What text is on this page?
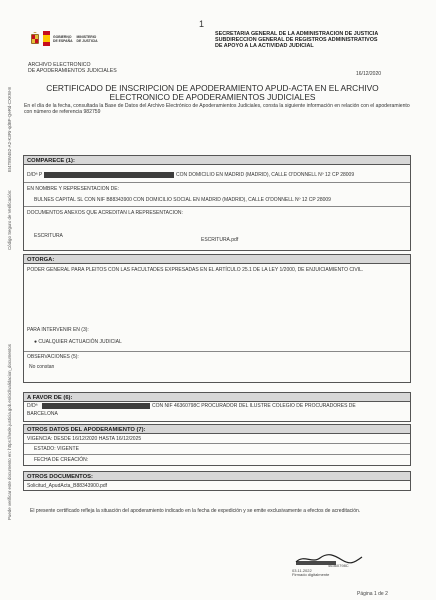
1
GOBIERNO
DE ESPAÑA
MINISTERIO
DE JUSTICIA
SECRETARIA GENERAL DE LA ADMINISTRACION DE JUSTICIA
SUBDIRECCION GENERAL DE REGISTROS ADMINISTRATIVOS
DE APOYO A LA ACTIVIDAD JUDICIAL
ARCHIVO ELECTRONICO
DE APODERAMIENTOS JUDICIALES	16/12/2020
CERTIFICADO DE INSCRIPCION DE APODERAMIENTO APUD-ACTA EN EL ARCHIVO
ELECTRONICO DE APODERAMIENTOS JUDICIALES
En el día de la fecha, consultada la Base de Datos del Archivo Electrónico de Apoderamientos Judiciales, consta la siguiente información en relación con el apoderamiento con número de referencia 982759
COMPARECE (1):
D/Dª P	CON DOMICILIO EN MADRID (MADRID), CALLE O'DONNELL Nº 12 CP 28009
EN NOMBRE Y REPRESENTACION DE:
BULNES CAPITAL SL CON NIF B88343900 CON DOMICILIO SOCIAL EN MADRID (MADRID), CALLE O'DONNELL Nº 12 CP 28009
DOCUMENTOS ANEXOS QUE ACREDITAN LA REPRESENTACION:
ESCRITURA
ESCRITURA.pdf
OTORGA:
PODER GENERAL PARA PLEITOS CON LAS FACULTADES EXPRESADAS EN EL ARTÍCULO 25.1 DE LA LEY 1/2000, DE ENJUICIAMIENTO CIVIL.
PARA INTERVENIR EN (3):
● CUALQUIER ACTUACIÓN JUDICIAL
OBSERVACIONES (5):
No constan
A FAVOR DE (6):
D/Dª	CON NIF 46360798C PROCURADOR DEL ILUSTRE COLEGIO DE PROCURADORES DE
BARCELONA
OTROS DATOS DEL APODERAMIENTO (7):
VIGENCIA: DESDE 16/12/2020 HASTA 16/12/2025
ESTADO: VIGENTE
FECHA DE CREACIÓN:
OTROS DOCUMENTOS:
Solicitud_ApudActa_B88343900.pdf
El presente certificado refleja la situación del apoderamiento indicado en la fecha de expedición y se emite exclusivamente a efectos de acreditación.
46360798C
03.11.2022
Firmado digitalmente
Página 1 de 2
EI4T8W452-A2-K3Rr-qdBF-QeRd-CXKW-8
Código Seguro de Verificación:
Puede verificar este documento en: https://sede.justicia.gob.es/cid/validacion_documentos
